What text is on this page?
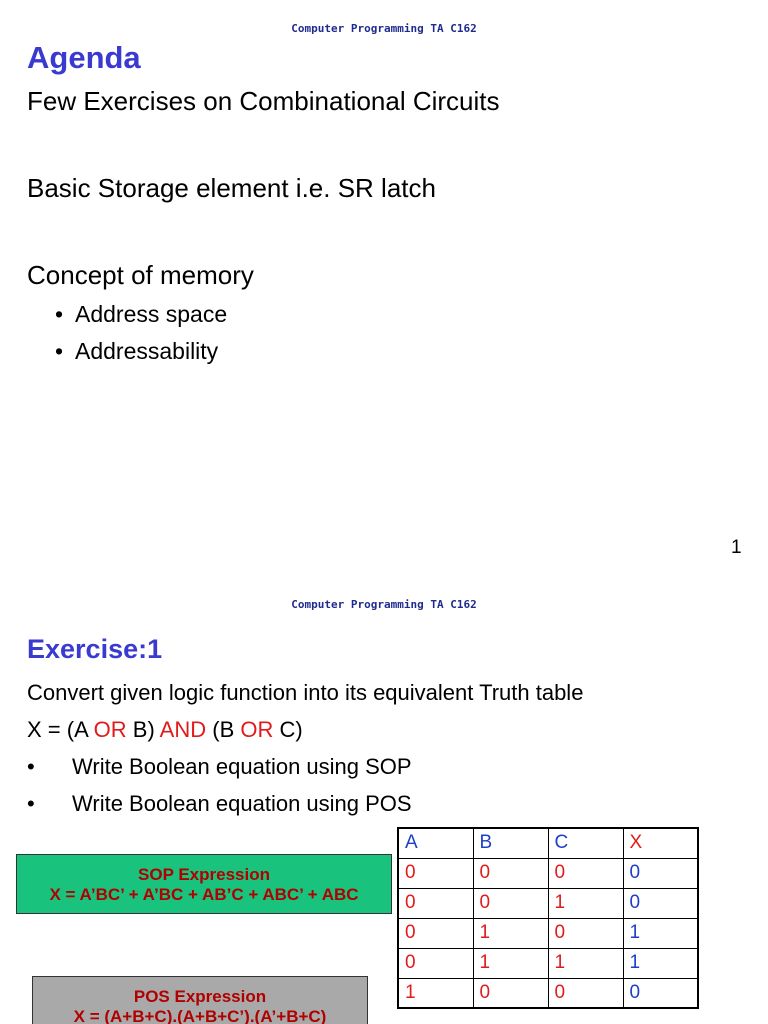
Computer Programming TA C162
Agenda
Few Exercises on Combinational Circuits
Basic Storage element i.e. SR latch
Concept of memory
• Address space
• Addressability
1
Computer Programming TA C162
Exercise:1
Convert given logic function into its equivalent Truth table
X = (A OR B) AND (B OR C)
• Write Boolean equation using SOP
• Write Boolean equation using POS
SOP Expression
X = A’BC’ + A’BC + AB’C + ABC’ + ABC
POS Expression
X = (A+B+C).(A+B+C’).(A’+B+C)
A	B	C	X
0	0	0	0
0	0	1	0
0	1	0	1
0	1	1	1
1	0	0	0
